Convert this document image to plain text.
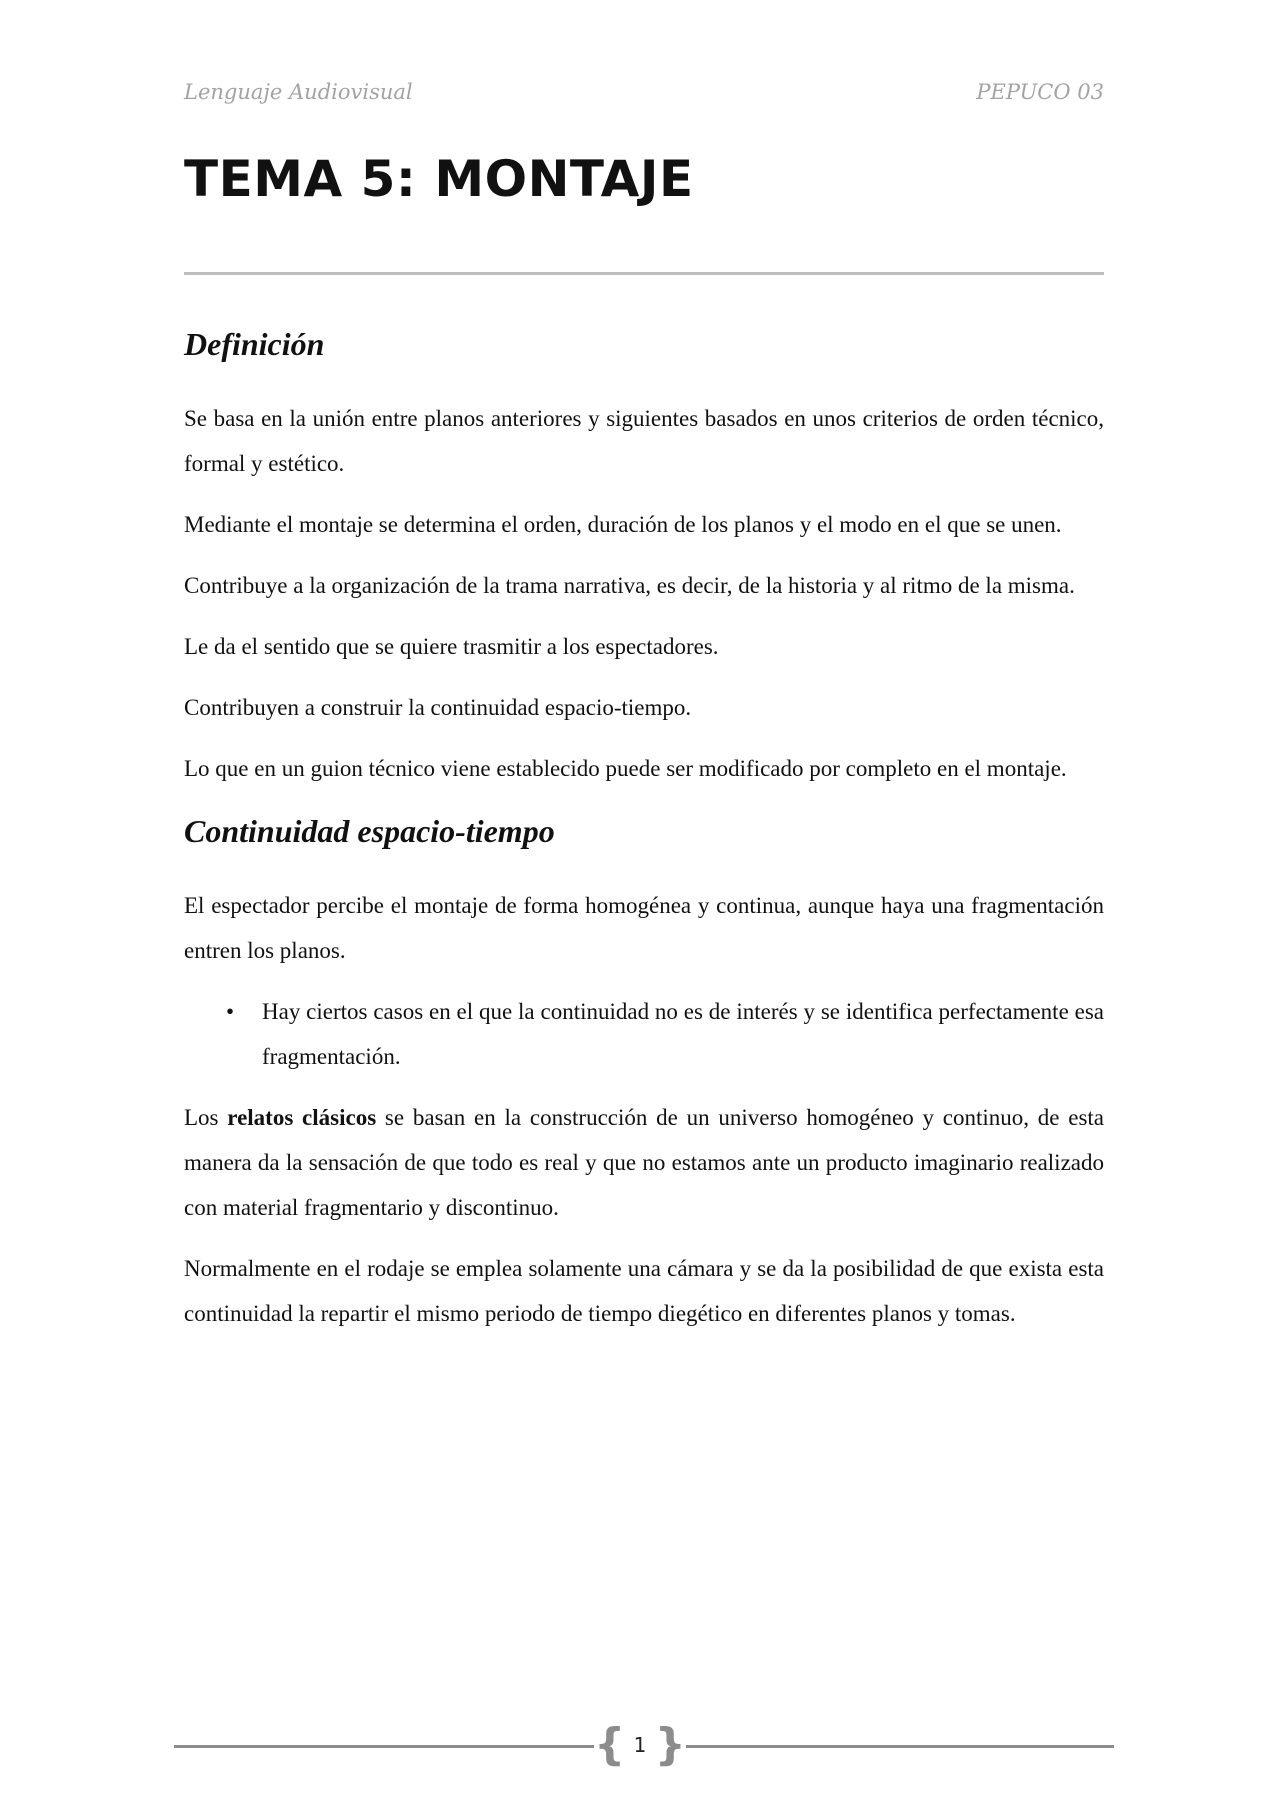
Lenguaje Audiovisual	PEPUCO 03
TEMA 5: MONTAJE
Definición

Se basa en la unión entre planos anteriores y siguientes basados en unos criterios de orden técnico, formal y estético.

Mediante el montaje se determina el orden, duración de los planos y el modo en el que se unen.

Contribuye a la organización de la trama narrativa, es decir, de la historia y al ritmo de la misma.

Le da el sentido que se quiere trasmitir a los espectadores.

Contribuyen a construir la continuidad espacio-tiempo.

Lo que en un guion técnico viene establecido puede ser modificado por completo en el montaje.

Continuidad espacio-tiempo

El espectador percibe el montaje de forma homogénea y continua, aunque haya una fragmentación entren los planos.

• Hay ciertos casos en el que la continuidad no es de interés y se identifica perfectamente esa fragmentación.

Los relatos clásicos se basan en la construcción de un universo homogéneo y continuo, de esta manera da la sensación de que todo es real y que no estamos ante un producto imaginario realizado con material fragmentario y discontinuo.

Normalmente en el rodaje se emplea solamente una cámara y se da la posibilidad de que exista esta continuidad la repartir el mismo periodo de tiempo diegético en diferentes planos y tomas.

{ 1 }
